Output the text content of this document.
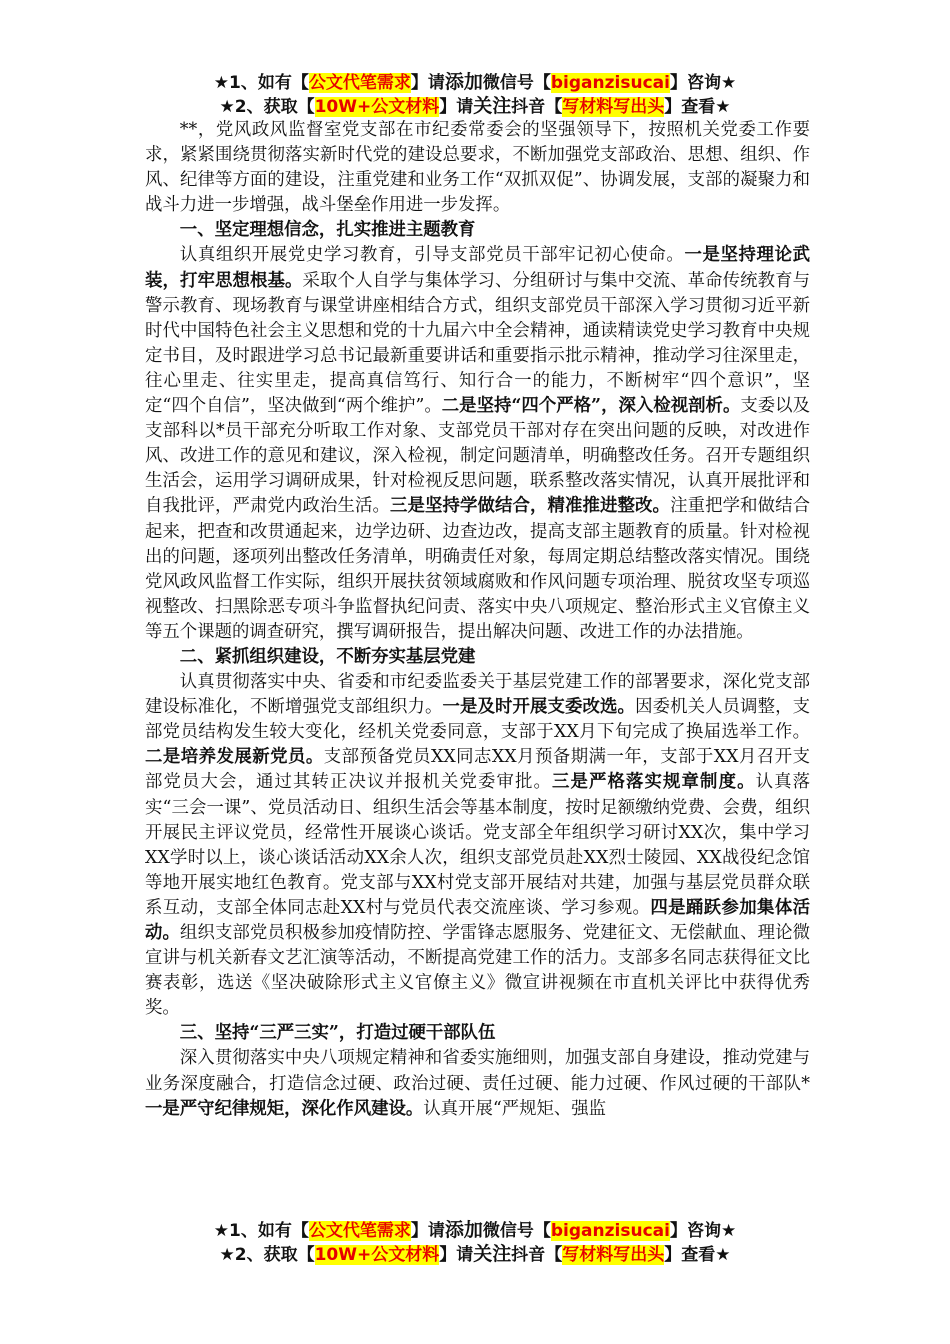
★1、如有【公文代笔需求】请添加微信号【biganzisucai】咨询★
★2、获取【10W+公文材料】请关注抖音【写材料写出头】查看★

**，党风政风监督室党支部在市纪委常委会的坚强领导下，按照机关党委工作要求，紧紧围绕贯彻落实新时代党的建设总要求，不断加强党支部政治、思想、组织、作风、纪律等方面的建设，注重党建和业务工作“双抓双促”、协调发展，支部的凝聚力和战斗力进一步增强，战斗堡垒作用进一步发挥。

一、坚定理想信念，扎实推进主题教育

认真组织开展党史学习教育，引导支部党员干部牢记初心使命。一是坚持理论武装，打牢思想根基。采取个人自学与集体学习、分组研讨与集中交流、革命传统教育与警示教育、现场教育与课堂讲座相结合方式，组织支部党员干部深入学习贯彻习近平新时代中国特色社会主义思想和党的十九届六中全会精神，通读精读党史学习教育中央规定书目，及时跟进学习总书记最新重要讲话和重要指示批示精神，推动学习往深里走，往心里走、往实里走，提高真信笃行、知行合一的能力，不断树牢“四个意识”，坚定“四个自信”，坚决做到“两个维护”。二是坚持“四个严格”，深入检视剖析。支委以及支部科以*员干部充分听取工作对象、支部党员干部对存在突出问题的反映，对改进作风、改进工作的意见和建议，深入检视，制定问题清单，明确整改任务。召开专题组织生活会，运用学习调研成果，针对检视反思问题，联系整改落实情况，认真开展批评和自我批评，严肃党内政治生活。三是坚持学做结合，精准推进整改。注重把学和做结合起来，把查和改贯通起来，边学边研、边查边改，提高支部主题教育的质量。针对检视出的问题，逐项列出整改任务清单，明确责任对象，每周定期总结整改落实情况。围绕党风政风监督工作实际，组织开展扶贫领域腐败和作风问题专项治理、脱贫攻坚专项巡视整改、扫黑除恶专项斗争监督执纪问责、落实中央八项规定、整治形式主义官僚主义等五个课题的调查研究，撰写调研报告，提出解决问题、改进工作的办法措施。

二、紧抓组织建设，不断夯实基层党建

认真贯彻落实中央、省委和市纪委监委关于基层党建工作的部署要求，深化党支部建设标准化，不断增强党支部组织力。一是及时开展支委改选。因委机关人员调整，支部党员结构发生较大变化，经机关党委同意，支部于XX月下旬完成了换届选举工作。二是培养发展新党员。支部预备党员XX同志XX月预备期满一年，支部于XX月召开支部党员大会，通过其转正决议并报机关党委审批。三是严格落实规章制度。认真落实“三会一课”、党员活动日、组织生活会等基本制度，按时足额缴纳党费、会费，组织开展民主评议党员，经常性开展谈心谈话。党支部全年组织学习研讨XX次，集中学习XX学时以上，谈心谈话活动XX余人次，组织支部党员赴XX烈士陵园、XX战役纪念馆等地开展实地红色教育。党支部与XX村党支部开展结对共建，加强与基层党员群众联系互动，支部全体同志赴XX村与党员代表交流座谈、学习参观。四是踊跃参加集体活动。组织支部党员积极参加疫情防控、学雷锋志愿服务、党建征文、无偿献血、理论微宣讲与机关新春文艺汇演等活动，不断提高党建工作的活力。支部多名同志获得征文比赛表彰，选送《坚决破除形式主义官僚主义》微宣讲视频在市直机关评比中获得优秀奖。

三、坚持“三严三实”，打造过硬干部队伍

深入贯彻落实中央八项规定精神和省委实施细则，加强支部自身建设，推动党建与业务深度融合，打造信念过硬、政治过硬、责任过硬、能力过硬、作风过硬的干部队*一是严守纪律规矩，深化作风建设。认真开展“严规矩、强监

★1、如有【公文代笔需求】请添加微信号【biganzisucai】咨询★
★2、获取【10W+公文材料】请关注抖音【写材料写出头】查看★
